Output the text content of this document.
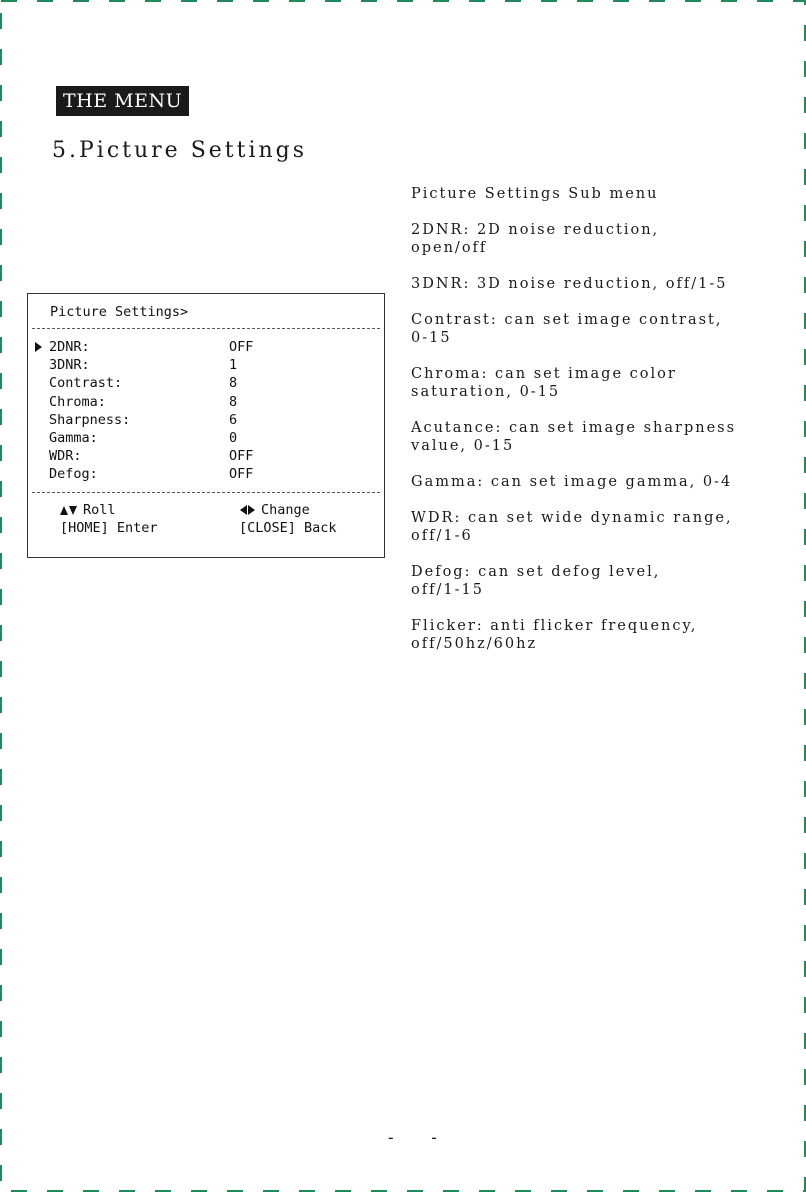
THE MENU
5.Picture Settings
Picture Settings>
2DNR:	OFF
3DNR:	1
Contrast:	8
Chroma:	8
Sharpness:	6
Gamma:	0
WDR:	OFF
Defog:	OFF
Roll	Change
[HOME] Enter	[CLOSE] Back
Picture Settings Sub menu
2DNR: 2D noise reduction,
open/off
3DNR: 3D noise reduction, off/1-5
Contrast: can set image contrast,
0-15
Chroma: can set image color
saturation, 0-15
Acutance: can set image sharpness
value, 0-15
Gamma: can set image gamma, 0-4
WDR: can set wide dynamic range,
off/1-6
Defog: can set defog level,
off/1-15
Flicker: anti flicker frequency,
off/50hz/60hz
- -
